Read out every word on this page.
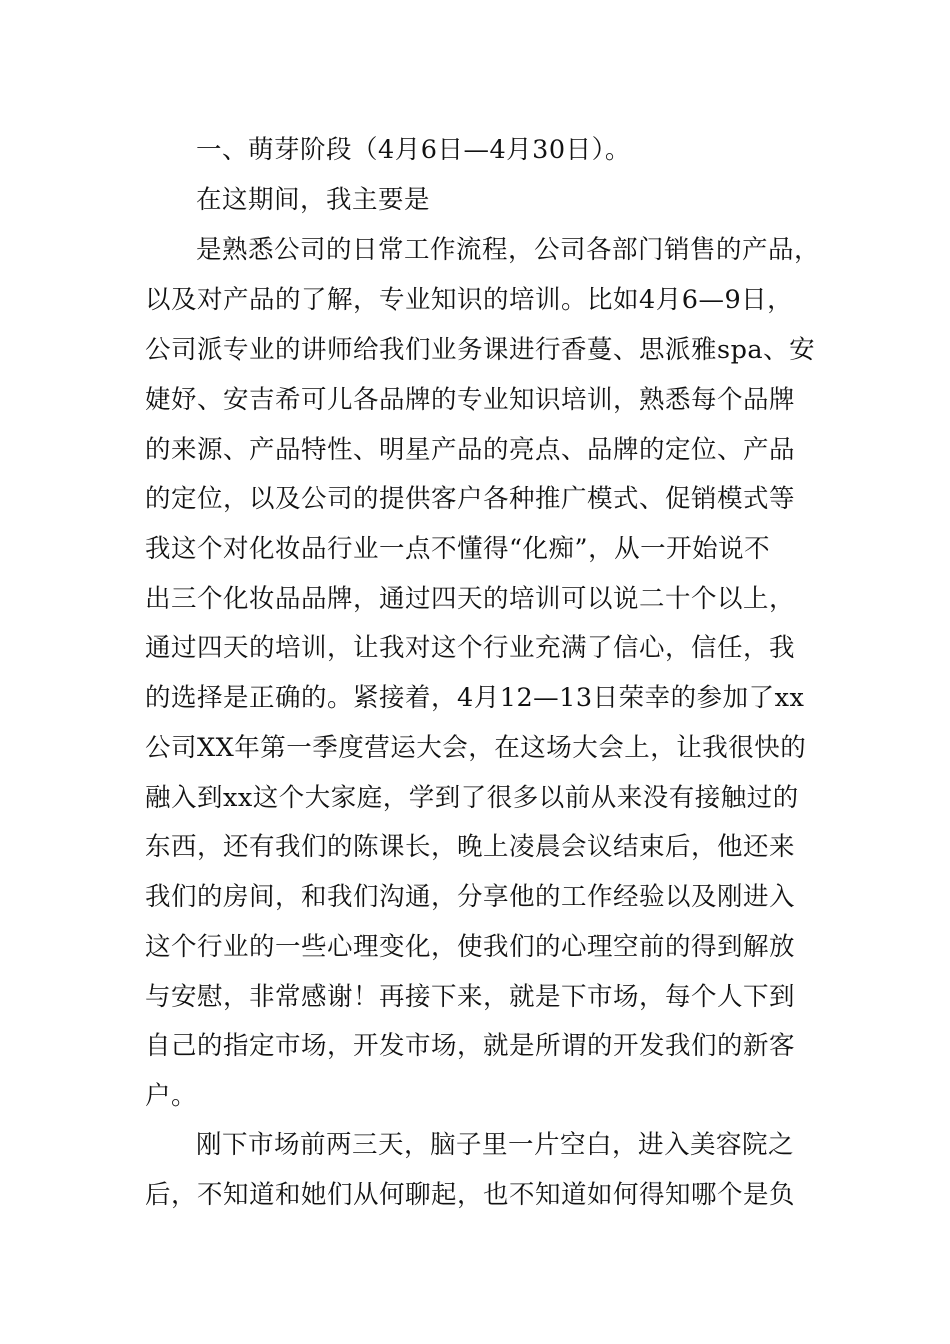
一、萌芽阶段（4月6日—4月30日）。
在这期间，我主要是
是熟悉公司的日常工作流程，公司各部门销售的产品，
以及对产品的了解，专业知识的培训。比如4月6—9日，
公司派专业的讲师给我们业务课进行香蔓、思派雅spa、安
婕妤、安吉希可儿各品牌的专业知识培训，熟悉每个品牌
的来源、产品特性、明星产品的亮点、品牌的定位、产品
的定位，以及公司的提供客户各种推广模式、促销模式等
我这个对化妆品行业一点不懂得“化痴”，从一开始说不
出三个化妆品品牌，通过四天的培训可以说二十个以上，
通过四天的培训，让我对这个行业充满了信心，信任，我
的选择是正确的。紧接着，4月12—13日荣幸的参加了xx
公司XX年第一季度营运大会，在这场大会上，让我很快的
融入到xx这个大家庭，学到了很多以前从来没有接触过的
东西，还有我们的陈课长，晚上凌晨会议结束后，他还来
我们的房间，和我们沟通，分享他的工作经验以及刚进入
这个行业的一些心理变化，使我们的心理空前的得到解放
与安慰，非常感谢！再接下来，就是下市场，每个人下到
自己的指定市场，开发市场，就是所谓的开发我们的新客
户。
刚下市场前两三天，脑子里一片空白，进入美容院之
后，不知道和她们从何聊起，也不知道如何得知哪个是负
